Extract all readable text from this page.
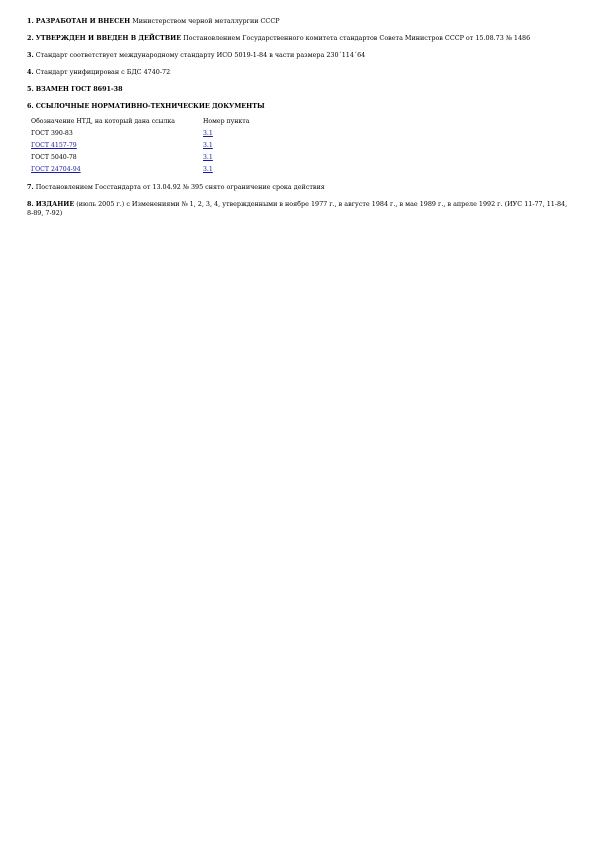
1. РАЗРАБОТАН И ВНЕСЕН Министерством черной металлургии СССР

2. УТВЕРЖДЕН И ВВЕДЕН В ДЕЙСТВИЕ Постановлением Государственного комитета стандартов Совета Министров СССР от 15.08.73 № 1486

3. Стандарт соответствует международному стандарту ИСО 5019-1-84 в части размера 230´114´64

4. Стандарт унифицирован с БДС 4740-72

5. ВЗАМЕН ГОСТ 8691-38

6. ССЫЛОЧНЫЕ НОРМАТИВНО-ТЕХНИЧЕСКИЕ ДОКУМЕНТЫ

Обозначение НТД, на который дана ссылка	Номер пункта
ГОСТ 390-83	3.1
ГОСТ 4157-79	3.1
ГОСТ 5040-78	3.1
ГОСТ 24704-94	3.1

7. Постановлением Госстандарта от 13.04.92 № 395 снято ограничение срока действия

8. ИЗДАНИЕ (июль 2005 г.) с Изменениями № 1, 2, 3, 4, утвержденными в ноябре 1977 г., в августе 1984 г., в мае 1989 г., в апреле 1992 г. (ИУС 11-77, 11-84, 8-89, 7-92)
